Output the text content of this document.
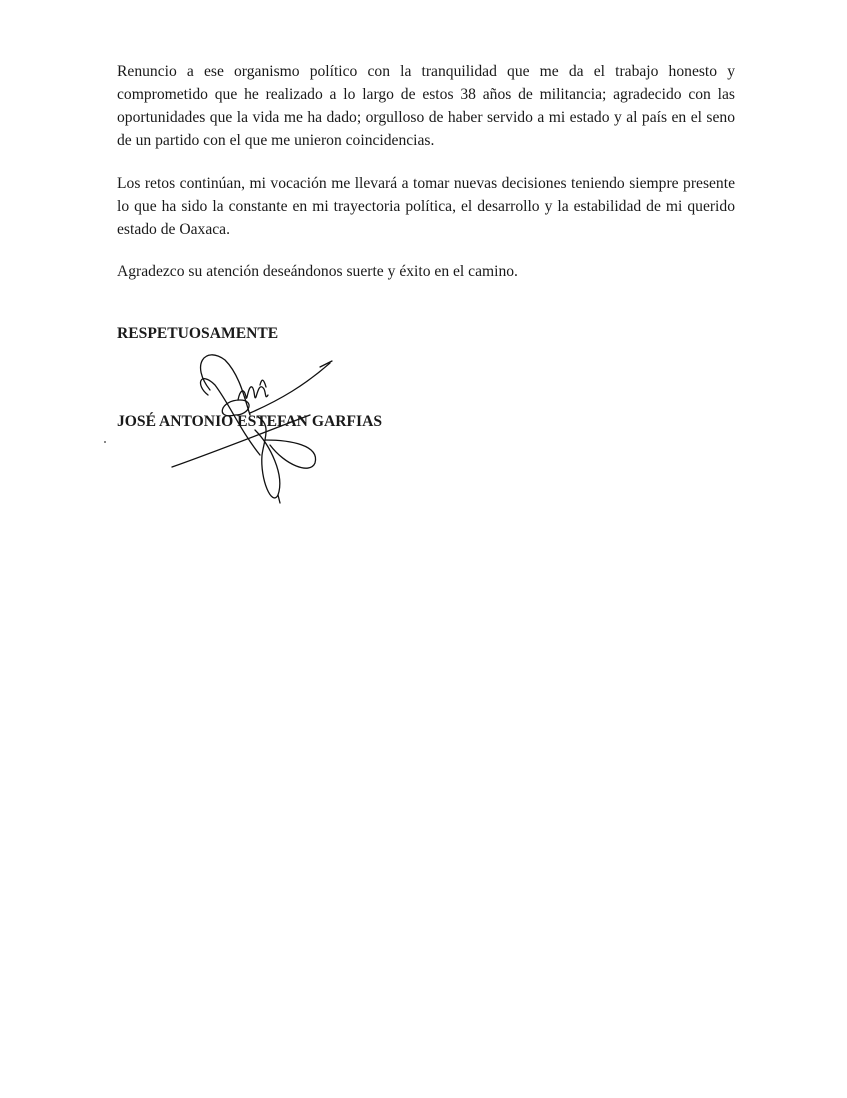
Renuncio a ese organismo político con la tranquilidad que me da el trabajo honesto y comprometido que he realizado a lo largo de estos 38 años de militancia; agradecido con las oportunidades que la vida me ha dado; orgulloso de haber servido a mi estado y al país en el seno de un partido con el que me unieron coincidencias.

Los retos continúan, mi vocación me llevará a tomar nuevas decisiones teniendo siempre presente lo que ha sido la constante en mi trayectoria política, el desarrollo y la estabilidad de mi querido estado de Oaxaca.

Agradezco su atención deseándonos suerte y éxito en el camino.

RESPETUOSAMENTE

JOSÉ ANTONIO ESTEFAN GARFIAS
